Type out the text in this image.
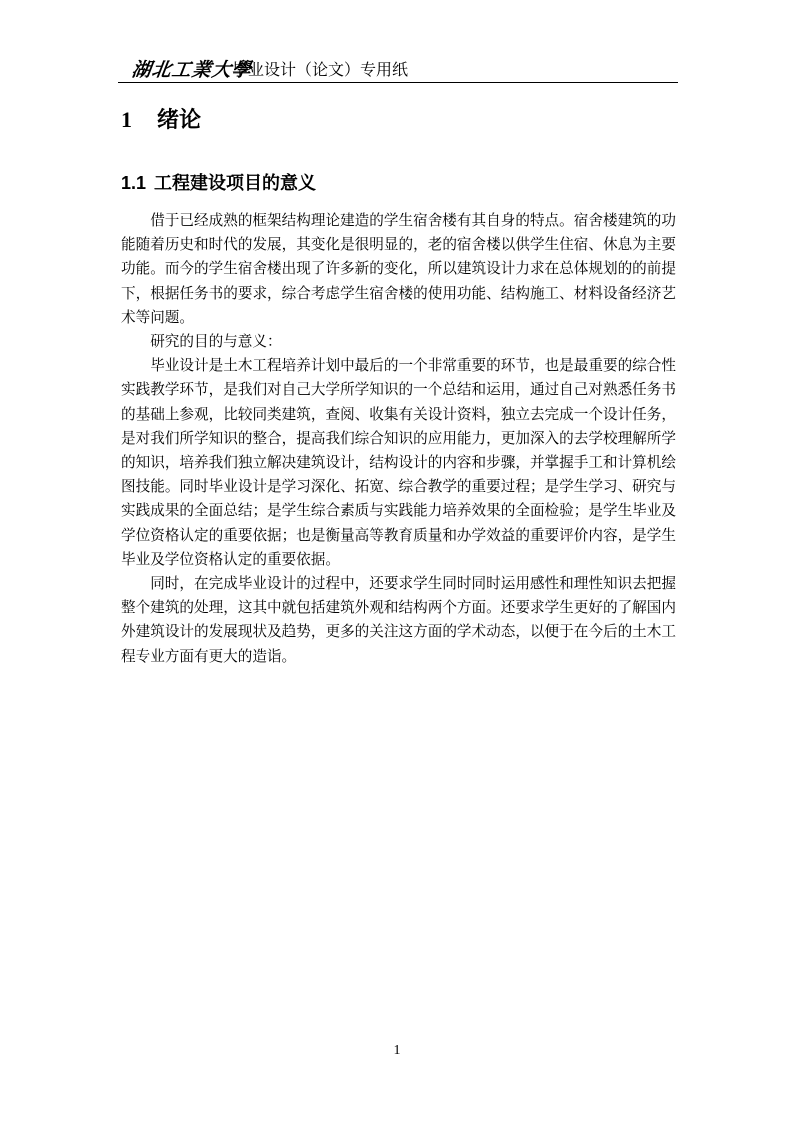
湖北工業大學
毕业设计（论文）专用纸
1 绪论
1.1 工程建设项目的意义

借于已经成熟的框架结构理论建造的学生宿舍楼有其自身的特点。宿舍楼建筑的功能随着历史和时代的发展，其变化是很明显的，老的宿舍楼以供学生住宿、休息为主要功能。而今的学生宿舍楼出现了许多新的变化，所以建筑设计力求在总体规划的的前提下，根据任务书的要求，综合考虑学生宿舍楼的使用功能、结构施工、材料设备经济艺术等问题。

研究的目的与意义：

毕业设计是土木工程培养计划中最后的一个非常重要的环节，也是最重要的综合性实践教学环节，是我们对自己大学所学知识的一个总结和运用，通过自己对熟悉任务书的基础上参观，比较同类建筑，查阅、收集有关设计资料，独立去完成一个设计任务，是对我们所学知识的整合，提高我们综合知识的应用能力，更加深入的去学校理解所学的知识，培养我们独立解决建筑设计，结构设计的内容和步骤，并掌握手工和计算机绘图技能。同时毕业设计是学习深化、拓宽、综合教学的重要过程；是学生学习、研究与实践成果的全面总结；是学生综合素质与实践能力培养效果的全面检验；是学生毕业及学位资格认定的重要依据；也是衡量高等教育质量和办学效益的重要评价内容，是学生毕业及学位资格认定的重要依据。

同时，在完成毕业设计的过程中，还要求学生同时同时运用感性和理性知识去把握整个建筑的处理，这其中就包括建筑外观和结构两个方面。还要求学生更好的了解国内外建筑设计的发展现状及趋势，更多的关注这方面的学术动态，以便于在今后的土木工程专业方面有更大的造诣。

1
